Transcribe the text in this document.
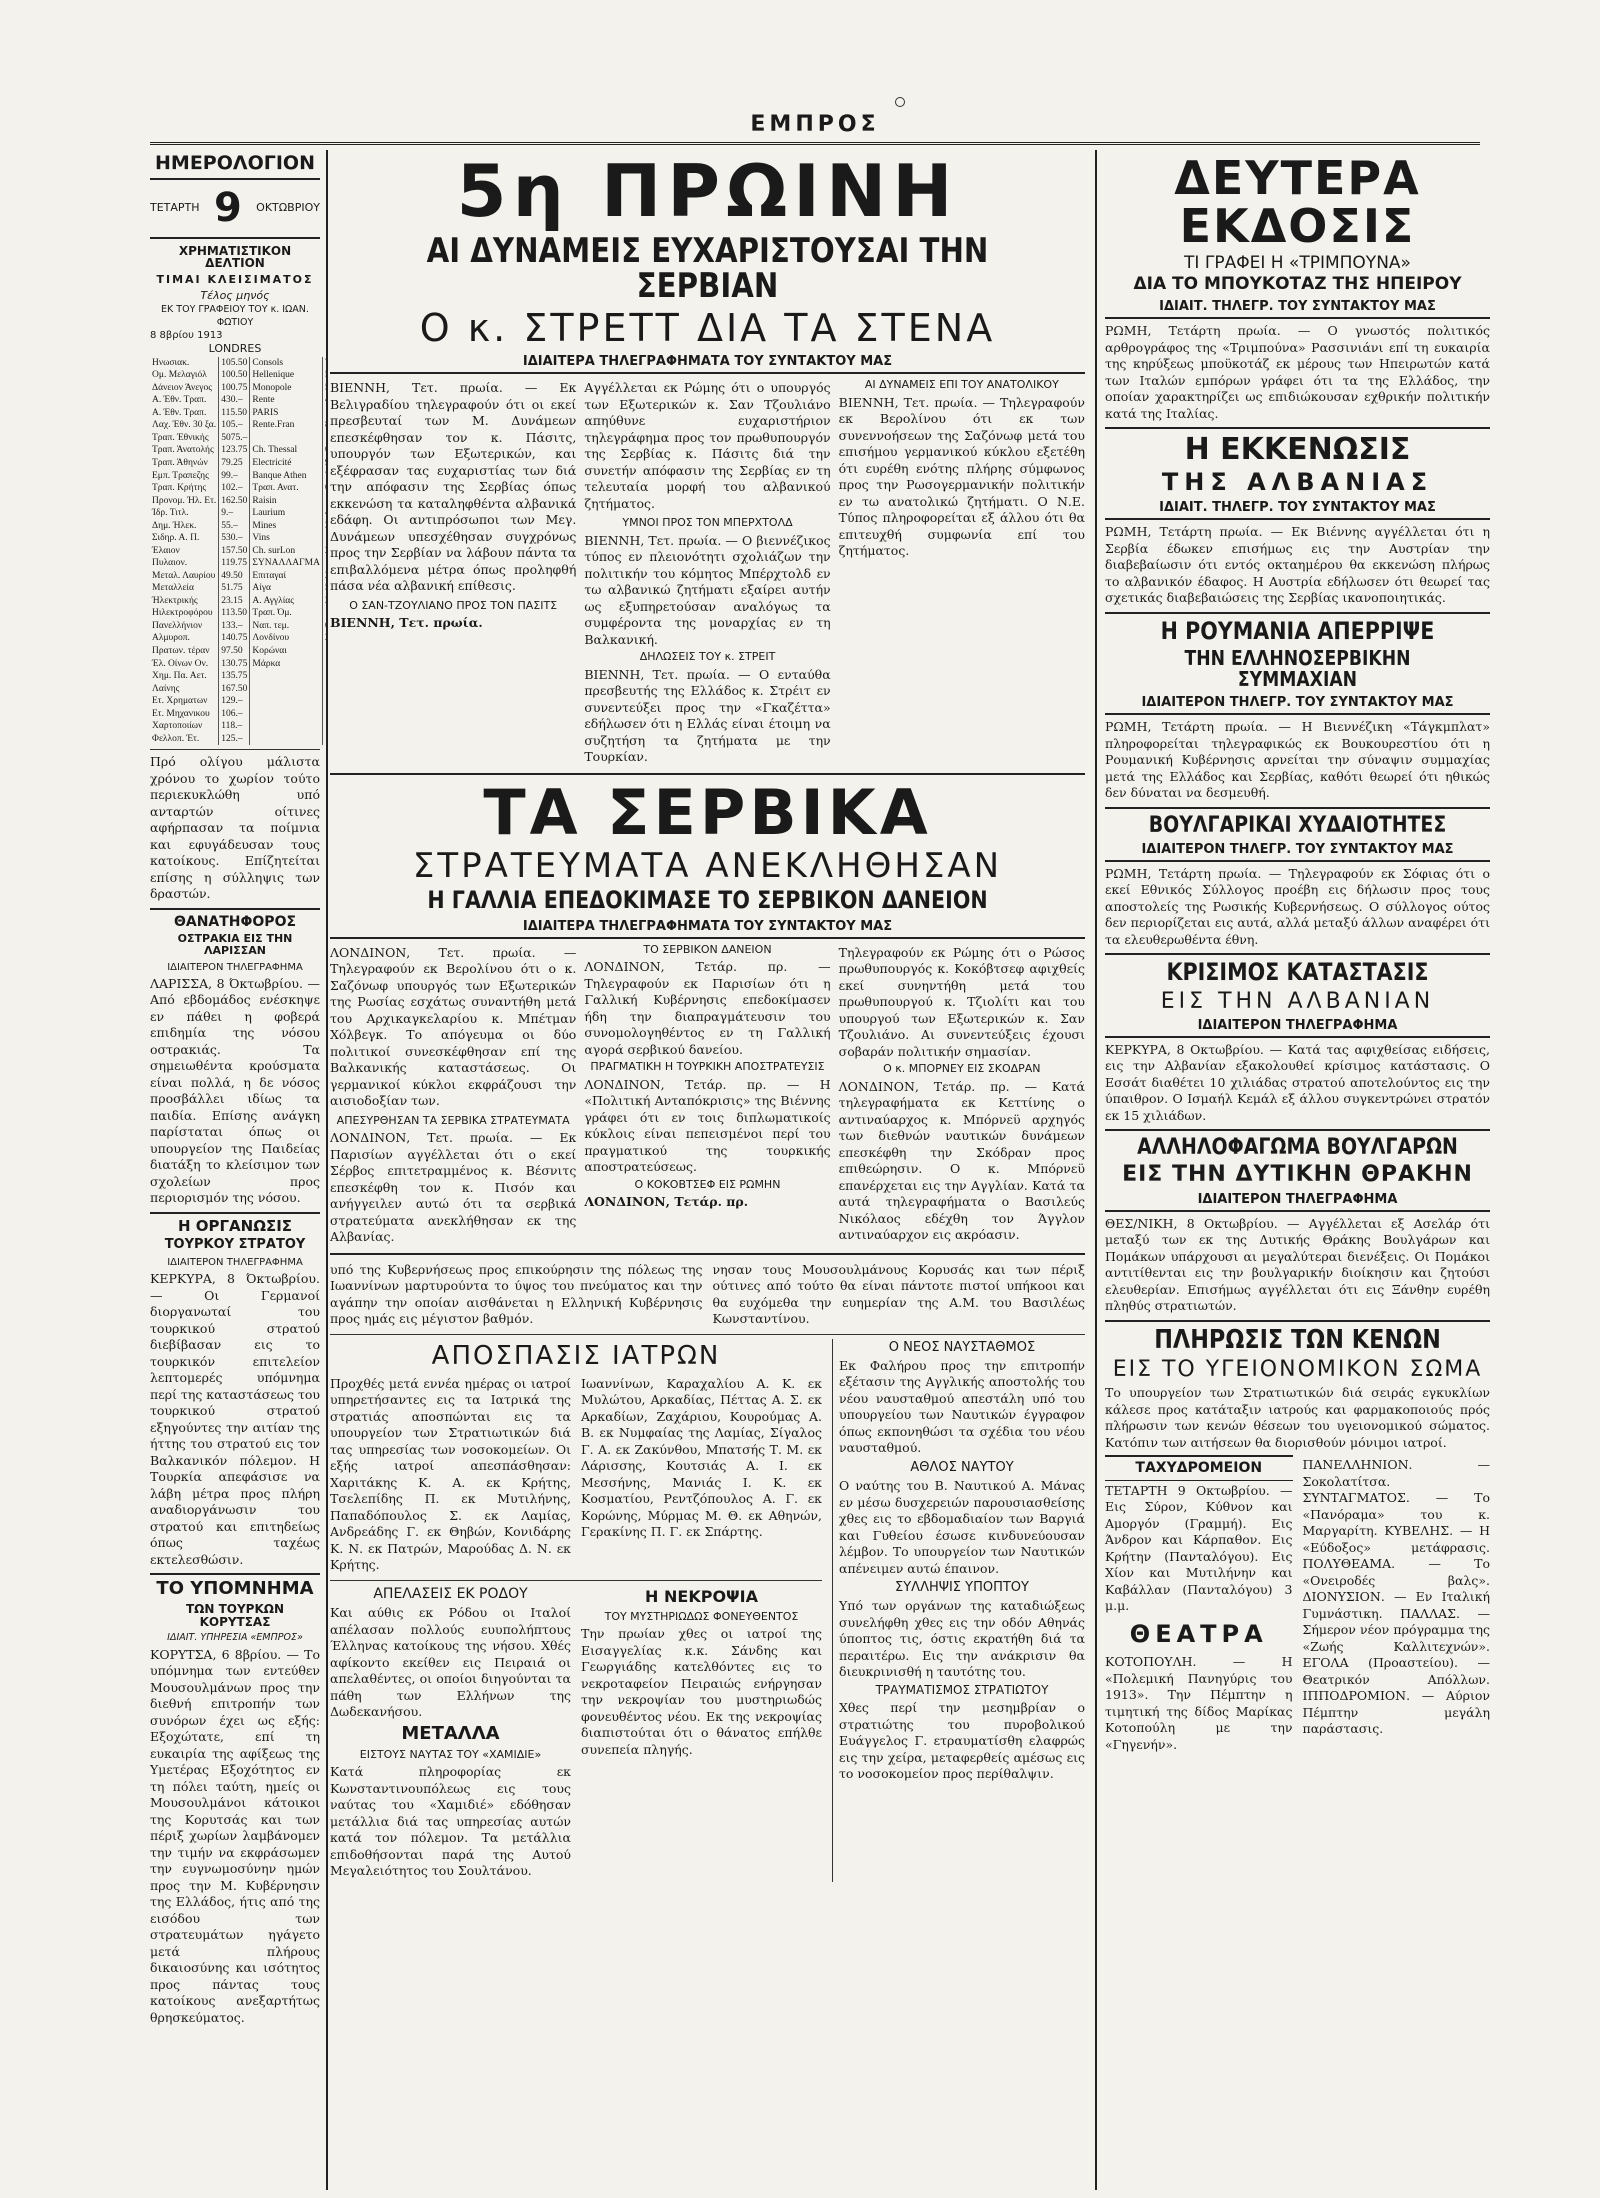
ΕΜΠΡΟΣ
ΗΜΕΡΟΛΟΓΙΟΝ
ΤΕΤΑΡΤΗ 9 ΟΚΤΩΒΡΙΟΥ
ΧΡΗΜΑΤΙΣΤΙΚΟΝ ΔΕΛΤΙΟΝ
ΤΙΜΑΙ ΚΛΕΙΣΙΜΑΤΟΣ
Τέλος μηνός
ΕΚ ΤΟΥ ΓΡΑΦΕΙΟΥ ΤΟΥ κ. ΙΩΑΝ. ΦΩΤΙΟΥ
8 8βρίου 1913
LONDRES
Ηνωσιακ.	105.50	Consols	
Ομ. Μελαγιόλ	100.50	Hellenique	
Δάνειον Άνεγος	100.75	Monopole	
Α. Έθν. Τραπ.	430.–	Rente	
Α. Έθν. Τραπ.	115.50	PARIS	
Λαχ. Έθν. 30 ξα.	105.–	Rente.Fran	
Τραπ. Έθνικής	5075.–		
Τραπ. Άνατολής	123.75	Ch. Thessal	
Τραπ. Άθηνών	79.25	Electricité	
Εμπ. Τραπεζης	99.–	Banque Athen	
Τραπ. Κρήτης	102.–	Τραπ. Ανατ.	
Προνομ. Ήλ. Ετ.	162.50	Raisin	
Ίδρ. Τιτλ.	9.–	Laurium	
Δημ. Ήλεκ.	55.–	Mines	
Σιδηρ. Α. Π.	530.–	Vins	
Έλαιον	157.50	Ch. surLon	
Πυλαιον.	119.75	ΣΥΝΑΛΛΑΓΜΑ	
Μεταλ. Λαυρίου	49.50	Επιταγαί	
Μεταλλεία	51.75	Αίγα	
Ήλεκτρικής	23.15	Α. Αγγλίας	
Ηιλεκτροφόρου	113.50	Τραπ. Όμ.	
Πανελλήνιον	133.–	Ναπ. τεμ.	
Αλμυροπ.	140.75	Λονδίνου	
Πρατων. τέραν	97.50	Κορώναι	
Έλ. Οίνων Ον.	130.75	Μάρκα	
Χημ. Πα. Αετ.	135.75		
Λαίνης	167.50		
Ετ. Χρηματων	129.–		
Ετ. Μηχανικου	106.–		
Χαρτοποιίων	118.–		
Φελλοπ. Έτ.	125.–		
Πρό ολίγου μάλιστα χρόνου το χωρίον τούτο περιεκυκλώθη υπό ανταρτών οίτινες αφήρπασαν τα ποίμνια και εφυγάδευσαν τους κατοίκους. Επίζητείται επίσης η σύλληψις των δραστών.
ΘΑΝΑΤΗΦΟΡΟΣ
ΟΣΤΡΑΚΙΑ ΕΙΣ ΤΗΝ ΛΑΡΙΣΣΑΝ
ΙΔΙΑΙΤΕΡΟΝ ΤΗΛΕΓΡΑΦΗΜΑ
ΛΑΡΙΣΣΑ, 8 Όκτωβρίου. — Από εβδομάδος ενέσκηψε εν πάθει η φοβερά επιδημία της νόσου οστρακιάς. Τα σημειωθέντα κρούσματα είναι πολλά, η δε νόσος προσβάλλει ιδίως τα παιδία. Επίσης ανάγκη παρίσταται όπως οι υπουργείον της Παιδείας διατάξη το κλείσιμον των σχολείων προς περιορισμόν της νόσου.
Η ΟΡΓΑΝΩΣΙΣ
ΤΟΥΡΚΟΥ ΣΤΡΑΤΟΥ
ΙΔΙΑΙΤΕΡΟΝ ΤΗΛΕΓΡΑΦΗΜΑ
ΚΕΡΚΥΡΑ, 8 Όκτωβρίου. — Οι Γερμανοί διοργανωταί του τουρκικού στρατού διεβίβασαν εις το τουρκικόν επιτελείον λεπτομερές υπόμνημα περί της καταστάσεως του τουρκικού στρατού εξηγούντες την αιτίαν της ήττης του στρατού εις τον Βαλκανικόν πόλεμον. Η Τουρκία απεφάσισε να λάβη μέτρα προς πλήρη αναδιοργάνωσιν του στρατού και επιτηδείως όπως ταχέως εκτελεσθώσιν.
ΤΟ ΥΠΟΜΝΗΜΑ
ΤΩΝ ΤΟΥΡΚΩΝ ΚΟΡΥΤΣΑΣ
ΙΔΙΑΙΤ. ΥΠΗΡΕΣΙΑ «ΕΜΠΡΟΣ»
ΚΟΡΥΤΣΑ, 6 8βρίου. — Το υπόμνημα των εντεύθεν Μουσουλμάνων προς την διεθνή επιτροπήν των συνόρων έχει ως εξής: Εξοχώτατε, επί τη ευκαιρία της αφίξεως της Υμετέρας Εξοχότητος εν τη πόλει ταύτη, ημείς οι Μουσουλμάνοι κάτοικοι της Κορυτσάς και των πέριξ χωρίων λαμβάνομεν την τιμήν να εκφράσωμεν την ευγνωμοσύνην ημών προς την Μ. Κυβέρνησιν της Ελλάδος, ήτις από της εισόδου των στρατευμάτων ηγάγετο μετά πλήρους δικαιοσύνης και ισότητος προς πάντας τους κατοίκους ανεξαρτήτως θρησκεύματος.
5η ΠΡΩΙΝΗ
ΑΙ ΔΥΝΑΜΕΙΣ ΕΥΧΑΡΙΣΤΟΥΣΑΙ ΤΗΝ ΣΕΡΒΙΑΝ
Ο κ. ΣΤΡΕΤΤ ΔΙΑ ΤΑ ΣΤΕΝΑ
ΙΔΙΑΙΤΕΡΑ ΤΗΛΕΓΡΑΦΗΜΑΤΑ ΤΟΥ ΣΥΝΤΑΚΤΟΥ ΜΑΣ
ΒΙΕΝΝΗ, Τετ. πρωία. — Εκ Βελιγραδίου τηλεγραφούν ότι οι εκεί πρεσβευταί των Μ. Δυνάμεων επεσκέφθησαν τον κ. Πάσιτς, υπουργόν των Εξωτερικών, και εξέφρασαν τας ευχαριστίας των διά την απόφασιν της Σερβίας όπως εκκενώση τα καταληφθέντα αλβανικά εδάφη. Οι αντιπρόσωποι των Μεγ. Δυνάμεων υπεσχέθησαν συγχρόνως προς την Σερβίαν να λάβουν πάντα τα επιβαλλόμενα μέτρα όπως προληφθή πάσα νέα αλβανική επίθεσις.
Ο ΣΑΝ-ΤΖΟΥΛΙΑΝΟ ΠΡΟΣ ΤΟΝ ΠΑΣΙΤΣ
ΒΙΕΝΝΗ, Τετ. πρωία.
Αγγέλλεται εκ Ρώμης ότι ο υπουργός των Εξωτερικών κ. Σαν Τζουλιάνο απηύθυνε ευχαριστήριον τηλεγράφημα προς τον πρωθυπουργόν της Σερβίας κ. Πάσιτς διά την συνετήν απόφασιν της Σερβίας εν τη τελευταία μορφή του αλβανικού ζητήματος.
ΥΜΝΟΙ ΠΡΟΣ ΤΟΝ ΜΠΕΡΧΤΟΛΔ
ΒΙΕΝΝΗ, Τετ. πρωία. — Ο βιεννέζικος τύπος εν πλειονότητι σχολιάζων την πολιτικήν του κόμητος Μπέρχτολδ εν τω αλβανικώ ζητήματι εξαίρει αυτήν ως εξυπηρετούσαν αναλόγως τα συμφέροντα της μοναρχίας εν τη Βαλκανική.
ΔΗΛΩΣΕΙΣ ΤΟΥ κ. ΣΤΡΕΙΤ
ΒΙΕΝΝΗ, Τετ. πρωία. — Ο ενταύθα πρεσβευτής της Ελλάδος κ. Στρέιτ εν συνεντεύξει προς την «Γκαζέττα» εδήλωσεν ότι η Ελλάς είναι έτοιμη να συζητήση τα ζητήματα με την Τουρκίαν.
ΑΙ ΔΥΝΑΜΕΙΣ ΕΠΙ ΤΟΥ ΑΝΑΤΟΛΙΚΟΥ
ΒΙΕΝΝΗ, Τετ. πρωία. — Τηλεγραφούν εκ Βερολίνου ότι εκ των συνεννοήσεων της Σαζόνωφ μετά του επισήμου γερμανικού κύκλου εξετέθη ότι ευρέθη ενότης πλήρης σύμφωνος προς την Ρωσογερμανικήν πολιτικήν εν τω ανατολικώ ζητήματι. Ο Ν.Ε. Τύπος πληροφορείται εξ άλλου ότι θα επιτευχθή συμφωνία επί του ζητήματος.
ΤΑ ΣΕΡΒΙΚΑ
ΣΤΡΑΤΕΥΜΑΤΑ ΑΝΕΚΛΗΘΗΣΑΝ
Η ΓΑΛΛΙΑ ΕΠΕΔΟΚΙΜΑΣΕ ΤΟ ΣΕΡΒΙΚΟΝ ΔΑΝΕΙΟΝ
ΙΔΙΑΙΤΕΡΑ ΤΗΛΕΓΡΑΦΗΜΑΤΑ ΤΟΥ ΣΥΝΤΑΚΤΟΥ ΜΑΣ
ΛΟΝΔΙΝΟΝ, Τετ. πρωία. — Τηλεγραφούν εκ Βερολίνου ότι ο κ. Σαζόνωφ υπουργός των Εξωτερικών της Ρωσίας εσχάτως συναντήθη μετά του Αρχικαγκελαρίου κ. Μπέτμαν Χόλβεγκ. Το απόγευμα οι δύο πολιτικοί συνεσκέφθησαν επί της Βαλκανικής καταστάσεως. Οι γερμανικοί κύκλοι εκφράζουσι την αισιοδοξίαν των.
ΑΠΕΣΥΡΘΗΣΑΝ ΤΑ ΣΕΡΒΙΚΑ ΣΤΡΑΤΕΥΜΑΤΑ
ΛΟΝΔΙΝΟΝ, Τετ. πρωία. — Εκ Παρισίων αγγέλλεται ότι ο εκεί Σέρβος επιτετραμμένος κ. Βέσνιτς επεσκέφθη τον κ. Πισόν και ανήγγειλεν αυτώ ότι τα σερβικά στρατεύματα ανεκλήθησαν εκ της Αλβανίας.
ΤΟ ΣΕΡΒΙΚΟΝ ΔΑΝΕΙΟΝ
ΛΟΝΔΙΝΟΝ, Τετάρ. πρ. — Τηλεγραφούν εκ Παρισίων ότι η Γαλλική Κυβέρνησις επεδοκίμασεν ήδη την διαπραγμάτευσιν του συνομολογηθέντος εν τη Γαλλική αγορά σερβικού δανείου.
ΠΡΑΓΜΑΤΙΚΗ Η ΤΟΥΡΚΙΚΗ ΑΠΟΣΤΡΑΤΕΥΣΙΣ
ΛΟΝΔΙΝΟΝ, Τετάρ. πρ. — Η «Πολιτική Ανταπόκρισις» της Βιέννης γράφει ότι εν τοις διπλωματικοίς κύκλοις είναι πεπεισμένοι περί του πραγματικού της τουρκικής αποστρατεύσεως.
Ο ΚΟΚΟΒΤΣΕΦ ΕΙΣ ΡΩΜΗΝ
ΛΟΝΔΙΝΟΝ, Τετάρ. πρ.
Τηλεγραφούν εκ Ρώμης ότι ο Ρώσος πρωθυπουργός κ. Κοκόβτσεφ αφιχθείς εκεί συνηντήθη μετά του πρωθυπουργού κ. Τζιολίτι και του υπουργού των Εξωτερικών κ. Σαν Τζουλιάνο. Αι συνεντεύξεις έχουσι σοβαράν πολιτικήν σημασίαν.
Ο κ. ΜΠΟΡΝΕΥ ΕΙΣ ΣΚΟΔΡΑΝ
ΛΟΝΔΙΝΟΝ, Τετάρ. πρ. — Κατά τηλεγραφήματα εκ Κεττίνης ο αντιναύαρχος κ. Μπόρνεϋ αρχηγός των διεθνών ναυτικών δυνάμεων επεσκέφθη την Σκόδραν προς επιθεώρησιν. Ο κ. Μπόρνεϋ επανέρχεται εις την Αγγλίαν. Κατά τα αυτά τηλεγραφήματα ο Βασιλεύς Νικόλαος εδέχθη τον Άγγλον αντιναύαρχον εις ακρόασιν.
υπό της Κυβερνήσεως προς επικούρησιν της πόλεως της Ιωαννίνων μαρτυρούντα το ύψος του πνεύματος και την αγάπην την οποίαν αισθάνεται η Ελληνική Κυβέρνησις προς ημάς εις μέγιστον βαθμόν.
νησαν τους Μουσουλμάνους Κορυσάς και των πέριξ ούτινες από τούτο θα είναι πάντοτε πιστοί υπήκοοι και θα ευχόμεθα την ευημερίαν της Α.Μ. του Βασιλέως Κωνσταντίνου.
ΑΠΟΣΠΑΣΙΣ ΙΑΤΡΩΝ
Προχθές μετά εννέα ημέρας οι ιατροί υπηρετήσαντες εις τα Ιατρικά της στρατιάς αποσπώνται εις τα υπουργείον των Στρατιωτικών διά τας υπηρεσίας των νοσοκομείων. Οι εξής ιατροί απεσπάσθησαν: Χαριτάκης Κ. Α. εκ Κρήτης, Τσελεπίδης Π. εκ Μυτιλήνης, Παπαδόπουλος Σ. εκ Λαμίας, Ανδρεάδης Γ. εκ Θηβών, Κονιδάρης Κ. Ν. εκ Πατρών, Μαρούδας Δ. Ν. εκ Κρήτης.
Ιωαννίνων, Καραχαλίου Α. Κ. εκ Μυλώτου, Αρκαδίας, Πέττας Α. Σ. εκ Αρκαδίων, Ζαχάριου, Κουρούμας Α. Β. εκ Νυμφαίας της Λαμίας, Σίγαλος Γ. Α. εκ Ζακύνθου, Μπατσής Τ. Μ. εκ Λάρισσης, Κουτσιάς Α. Ι. εκ Μεσσήνης, Μανιάς Ι. Κ. εκ Κοσματίου, Ρεντζόπουλος Α. Γ. εκ Κορώνης, Μύρμας Μ. Θ. εκ Αθηνών, Γερακίνης Π. Γ. εκ Σπάρτης.
ΑΠΕΛΑΣΕΙΣ ΕΚ ΡΟΔΟΥ
Και αύθις εκ Ρόδου οι Ιταλοί απέλασαν πολλούς ευυπολήπτους Έλληνας κατοίκους της νήσου. Χθές αφίκοντο εκείθεν εις Πειραιά οι απελαθέντες, οι οποίοι διηγούνται τα πάθη των Ελλήνων της Δωδεκανήσου.
ΜΕΤΑΛΛΑ
ΕΙΣΤΟΥΣ ΝΑΥΤΑΣ ΤΟΥ «ΧΑΜΙΔΙΕ»
Κατά πληροφορίας εκ Κωνσταντινουπόλεως εις τους ναύτας του «Χαμιδιέ» εδόθησαν μετάλλια διά τας υπηρεσίας αυτών κατά τον πόλεμον. Τα μετάλλια επιδοθήσονται παρά της Αυτού Μεγαλειότητος του Σουλτάνου.
Η ΝΕΚΡΟΨΙΑ
ΤΟΥ ΜΥΣΤΗΡΙΩΔΩΣ ΦΟΝΕΥΘΕΝΤΟΣ
Την πρωίαν χθες οι ιατροί της Εισαγγελίας κ.κ. Σάνδης και Γεωργιάδης κατελθόντες εις το νεκροταφείον Πειραιώς ενήργησαν την νεκροψίαν του μυστηριωδώς φονευθέντος νέου. Εκ της νεκροψίας διαπιστούται ότι ο θάνατος επήλθε συνεπεία πληγής.
Ο ΝΕΟΣ ΝΑΥΣΤΑΘΜΟΣ
Εκ Φαλήρου προς την επιτροπήν εξέτασιν της Αγγλικής αποστολής του νέου ναυσταθμού απεστάλη υπό του υπουργείου των Ναυτικών έγγραφον όπως εκπονηθώσι τα σχέδια του νέου ναυσταθμού.
ΑΘΛΟΣ ΝΑΥΤΟΥ
Ο ναύτης του Β. Ναυτικού Α. Μάνας εν μέσω δυσχερειών παρουσιασθείσης χθες εις το εβδομαδιαίον των Βαργιά και Γυθείου έσωσε κινδυνεύουσαν λέμβον. Το υπουργείον των Ναυτικών απένειμεν αυτώ έπαινον.
ΣΥΛΛΗΨΙΣ ΥΠΟΠΤΟΥ
Υπό των οργάνων της καταδιώξεως συνελήφθη χθες εις την οδόν Αθηνάς ύποπτος τις, όστις εκρατήθη διά τα περαιτέρω. Εις την ανάκρισιν θα διευκρινισθή η ταυτότης του.
ΤΡΑΥΜΑΤΙΣΜΟΣ ΣΤΡΑΤΙΩΤΟΥ
Χθες περί την μεσημβρίαν ο στρατιώτης του πυροβολικού Ευάγγελος Γ. ετραυματίσθη ελαφρώς εις την χείρα, μεταφερθείς αμέσως εις το νοσοκομείον προς περίθαλψιν.
ΔΕΥΤΕΡΑ ΕΚΔΟΣΙΣ
ΤΙ ΓΡΑΦΕΙ Η «ΤΡΙΜΠΟΥΝΑ»
ΔΙΑ ΤΟ ΜΠΟΥΚΟΤΑΖ ΤΗΣ ΗΠΕΙΡΟΥ
ΙΔΙΑΙΤ. ΤΗΛΕΓΡ. ΤΟΥ ΣΥΝΤΑΚΤΟΥ ΜΑΣ
ΡΩΜΗ, Τετάρτη πρωία. — Ο γνωστός πολιτικός αρθρογράφος της «Τριμπούνα» Ρασσινιάνι επί τη ευκαιρία της κηρύξεως μποϋκοτάζ εκ μέρους των Ηπειρωτών κατά των Ιταλών εμπόρων γράφει ότι τα της Ελλάδος, την οποίαν χαρακτηρίζει ως επιδιώκουσαν εχθρικήν πολιτικήν κατά της Ιταλίας.
Η ΕΚΚΕΝΩΣΙΣ
ΤΗΣ ΑΛΒΑΝΙΑΣ
ΙΔΙΑΙΤ. ΤΗΛΕΓΡ. ΤΟΥ ΣΥΝΤΑΚΤΟΥ ΜΑΣ
ΡΩΜΗ, Τετάρτη πρωία. — Εκ Βιέννης αγγέλλεται ότι η Σερβία έδωκεν επισήμως εις την Αυστρίαν την διαβεβαίωσιν ότι εντός οκταημέρου θα εκκενώση πλήρως το αλβανικόν έδαφος. Η Αυστρία εδήλωσεν ότι θεωρεί τας σχετικάς διαβεβαιώσεις της Σερβίας ικανοποιητικάς.
Η ΡΟΥΜΑΝΙΑ ΑΠΕΡΡΙΨΕ
ΤΗΝ ΕΛΛΗΝΟΣΕΡΒΙΚΗΝ ΣΥΜΜΑΧΙΑΝ
ΙΔΙΑΙΤΕΡΟΝ ΤΗΛΕΓΡ. ΤΟΥ ΣΥΝΤΑΚΤΟΥ ΜΑΣ
ΡΩΜΗ, Τετάρτη πρωία. — Η Βιεννέζικη «Τάγκμπλατ» πληροφορείται τηλεγραφικώς εκ Βουκουρεστίου ότι η Ρουμανική Κυβέρνησις αρνείται την σύναψιν συμμαχίας μετά της Ελλάδος και Σερβίας, καθότι θεωρεί ότι ηθικώς δεν δύναται να δεσμευθή.
ΒΟΥΛΓΑΡΙΚΑΙ ΧΥΔΑΙΟΤΗΤΕΣ
ΙΔΙΑΙΤΕΡΟΝ ΤΗΛΕΓΡ. ΤΟΥ ΣΥΝΤΑΚΤΟΥ ΜΑΣ
ΡΩΜΗ, Τετάρτη πρωία. — Τηλεγραφούν εκ Σόφιας ότι ο εκεί Εθνικός Σύλλογος προέβη εις δήλωσιν προς τους αποστολείς της Ρωσικής Κυβερνήσεως. Ο σύλλογος ούτος δεν περιορίζεται εις αυτά, αλλά μεταξύ άλλων αναφέρει ότι τα ελευθερωθέντα έθνη.
ΚΡΙΣΙΜΟΣ ΚΑΤΑΣΤΑΣΙΣ
ΕΙΣ ΤΗΝ ΑΛΒΑΝΙΑΝ
ΙΔΙΑΙΤΕΡΟΝ ΤΗΛΕΓΡΑΦΗΜΑ
ΚΕΡΚΥΡΑ, 8 Οκτωβρίου. — Κατά τας αφιχθείσας ειδήσεις, εις την Αλβανίαν εξακολουθεί κρίσιμος κατάστασις. Ο Εσσάτ διαθέτει 10 χιλιάδας στρατού αποτελούντος εις την ύπαιθρον. Ο Ισμαήλ Κεμάλ εξ άλλου συγκεντρώνει στρατόν εκ 15 χιλιάδων.
ΑΛΛΗΛΟΦΑΓΩΜΑ ΒΟΥΛΓΑΡΩΝ
ΕΙΣ ΤΗΝ ΔΥΤΙΚΗΝ ΘΡΑΚΗΝ
ΙΔΙΑΙΤΕΡΟΝ ΤΗΛΕΓΡΑΦΗΜΑ
ΘΕΣ/ΝΙΚΗ, 8 Οκτωβρίου. — Αγγέλλεται εξ Ασελάρ ότι μεταξύ των εκ της Δυτικής Θράκης Βουλγάρων και Πομάκων υπάρχουσι αι μεγαλύτεραι διενέξεις. Οι Πομάκοι αντιτίθενται εις την βουλγαρικήν διοίκησιν και ζητούσι ελευθερίαν. Επισήμως αγγέλλεται ότι εις Ξάνθην ευρέθη πληθύς στρατιωτών.
ΠΛΗΡΩΣΙΣ ΤΩΝ ΚΕΝΩΝ
ΕΙΣ ΤΟ ΥΓΕΙΟΝΟΜΙΚΟΝ ΣΩΜΑ
Το υπουργείον των Στρατιωτικών διά σειράς εγκυκλίων κάλεσε προς κατάταξιν ιατρούς και φαρμακοποιούς πρός πλήρωσιν των κενών θέσεων του υγειονομικού σώματος. Κατόπιν των αιτήσεων θα διορισθούν μόνιμοι ιατροί.
ΤΑΧΥΔΡΟΜΕΙΟΝ
ΤΕΤΑΡΤΗ 9 Οκτωβρίου. — Εις Σύρον, Κύθνον και Αμοργόν (Γραμμή). Εις Άνδρον και Κάρπαθον. Εις Κρήτην (Πανταλόγου). Εις Χίον και Μυτιλήνην και Καβάλλαν (Πανταλόγου) 3 μ.μ.
ΘΕΑΤΡΑ
ΚΟΤΟΠΟΥΛΗ. — Η «Πολεμική Πανηγύρις του 1913». Την Πέμπτην η τιμητική της δίδος Μαρίκας Κοτοπούλη με την «Γηγενήν».
ΠΑΝΕΛΛΗΝΙΟΝ. — Σοκολατίτσα. ΣΥΝΤΑΓΜΑΤΟΣ. — Το «Πανόραμα» του κ. Μαργαρίτη. ΚΥΒΕΛΗΣ. — Η «Εύδοξος» μετάφρασις. ΠΟΛΥΘΕΑΜΑ. — Το «Ονειροδές βαλς». ΔΙΟΝΥΣΙΟΝ. — Εν Ιταλική Γυμνάστικη. ΠΑΛΛΑΣ. — Σήμερον νέον πρόγραμμα της «Ζωής Καλλιτεχνών». ΕΓΟΛΑ (Προαστείου). — Θεατρικόν Απόλλων. ΙΠΠΟΔΡΟΜΙΟΝ. — Αύριον Πέμπτην μεγάλη παράστασις.
